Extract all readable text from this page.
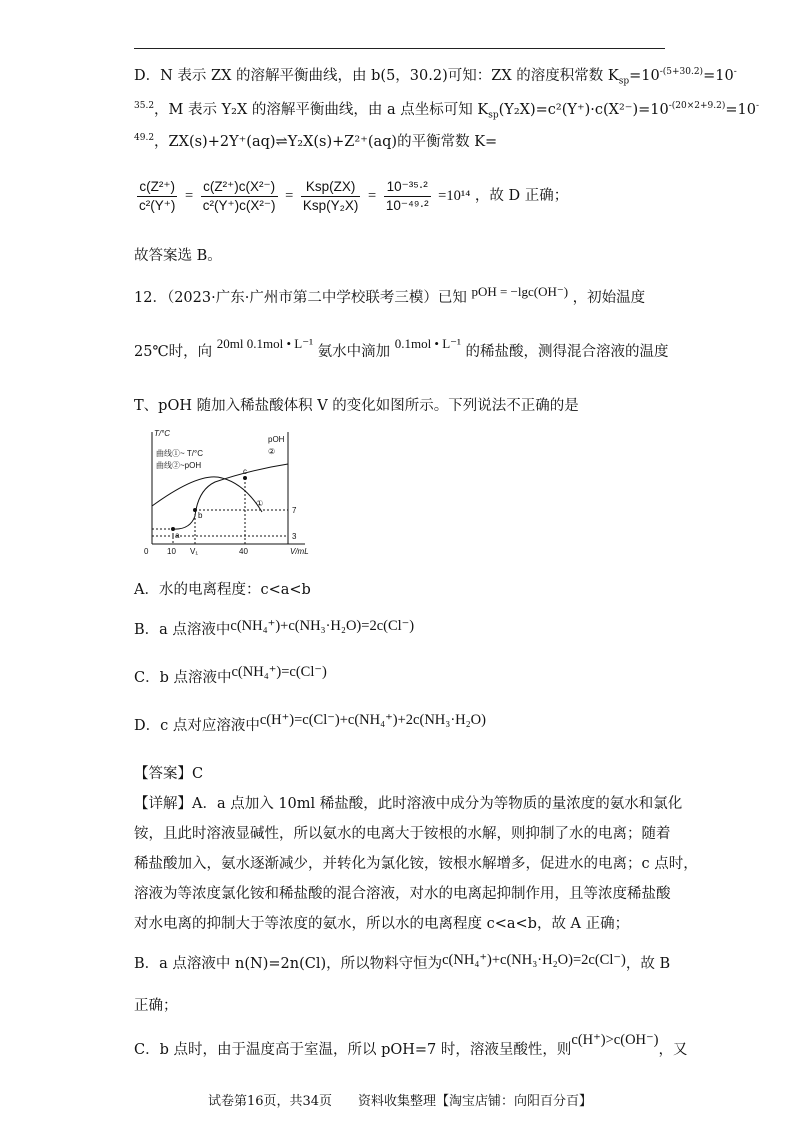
D．N 表示 ZX 的溶解平衡曲线，由 b(5，30.2)可知：ZX 的溶度积常数 $K_{sp}=10^{-(5+30.2)}=10^-$
$^{35.2}$，M 表示 Y₂X 的溶解平衡曲线，由 a 点坐标可知 $K_{sp}(Y_2X)=c^2(Y^+)\cdot c(X^{2-})=10^{-(20\times 2+9.2)}=10^-$
$^{49.2}$，ZX(s)+2Y⁺(aq)⇌Y₂X(s)+Z²⁺(aq)的平衡常数 K=
$\frac{\text{c(Z²⁺)}}{\text{c²(Y⁺)}} = \frac{\text{c(Z²⁺)c(X²⁻)}}{\text{c²(Y⁺)c(X²⁻)}} = \frac{\text{Ksp(ZX)}}{\text{Ksp(Y₂X)}} = \frac{\text{10⁻³⁵·²}}{\text{10⁻⁴⁹·²}} =10^{14}$ ，故 D 正确；
故答案选 B。
12．（2023·广东·广州市第二中学校联考三模）已知 pOH = −lgc(OH⁻) ，初始温度
25℃时，向 20ml 0.1mol • L⁻¹ 氨水中滴加 0.1mol • L⁻¹ 的稀盐酸，测得混合溶液的温度
T、pOH 随加入稀盐酸体积 V 的变化如图所示。下列说法不正确的是
T/°C
pOH
曲线①~ T/°C
曲线②~pOH
a
b
c
①
②
0 10 V₁	40	V/mL
7
3
A．水的电离程度：c<a<b
B．a 点溶液中c(NH₄⁺)+c(NH₃·H₂O)=2c(Cl⁻)
C．b 点溶液中c(NH₄⁺)=c(Cl⁻)
D．c 点对应溶液中c(H⁺)=c(Cl⁻)+c(NH₄⁺)+2c(NH₃·H₂O)
【答案】C
【详解】A．a 点加入 10ml 稀盐酸，此时溶液中成分为等物质的量浓度的氨水和氯化
铵，且此时溶液显碱性，所以氨水的电离大于铵根的水解，则抑制了水的电离；随着
稀盐酸加入，氨水逐渐减少，并转化为氯化铵，铵根水解增多，促进水的电离；c 点时，
溶液为等浓度氯化铵和稀盐酸的混合溶液，对水的电离起抑制作用，且等浓度稀盐酸
对水电离的抑制大于等浓度的氨水，所以水的电离程度 c<a<b，故 A 正确；
B．a 点溶液中 n(N)=2n(Cl)，所以物料守恒为c(NH₄⁺)+c(NH₃·H₂O)=2c(Cl⁻)，故 B
正确；
C．b 点时，由于温度高于室温，所以 pOH=7 时，溶液呈酸性，则c(H⁺)>c(OH⁻)，又
试卷第16页，共34页　　资料收集整理【淘宝店铺：向阳百分百】
